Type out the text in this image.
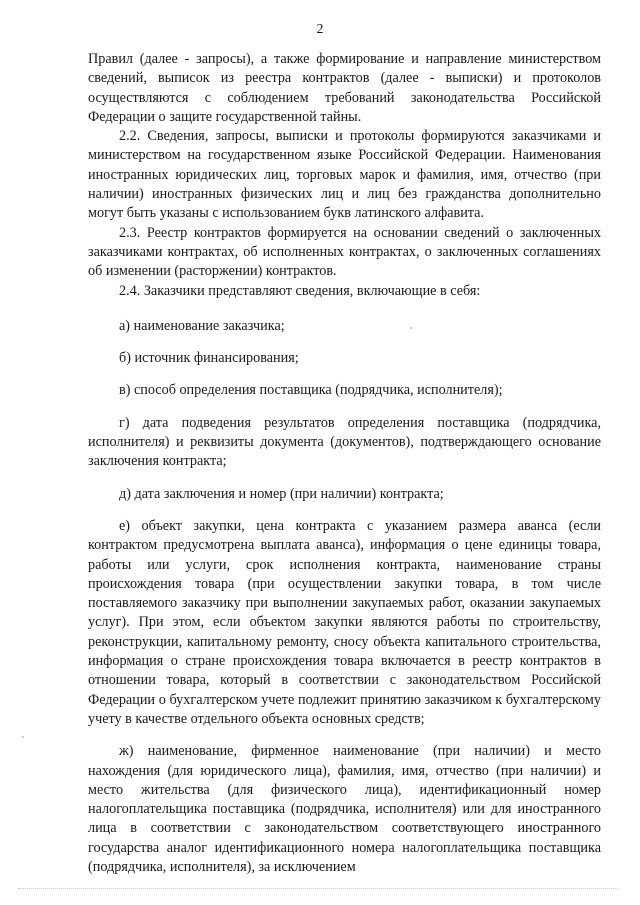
2

Правил (далее - запросы), а также формирование и направление министерством сведений, выписок из реестра контрактов (далее - выписки) и протоколов осуществляются с соблюдением требований законодательства Российской Федерации о защите государственной тайны.

2.2. Сведения, запросы, выписки и протоколы формируются заказчиками и министерством на государственном языке Российской Федерации. Наименования иностранных юридических лиц, торговых марок и фамилия, имя, отчество (при наличии) иностранных физических лиц и лиц без гражданства дополнительно могут быть указаны с использованием букв латинского алфавита.

2.3. Реестр контрактов формируется на основании сведений о заключенных заказчиками контрактах, об исполненных контрактах, о заключенных соглашениях об изменении (расторжении) контрактов.

2.4. Заказчики представляют сведения, включающие в себя:

а) наименование заказчика;

б) источник финансирования;

в) способ определения поставщика (подрядчика, исполнителя);

г) дата подведения результатов определения поставщика (подрядчика, исполнителя) и реквизиты документа (документов), подтверждающего основание заключения контракта;

д) дата заключения и номер (при наличии) контракта;

е) объект закупки, цена контракта с указанием размера аванса (если контрактом предусмотрена выплата аванса), информация о цене единицы товара, работы или услуги, срок исполнения контракта, наименование страны происхождения товара (при осуществлении закупки товара, в том числе поставляемого заказчику при выполнении закупаемых работ, оказании закупаемых услуг). При этом, если объектом закупки являются работы по строительству, реконструкции, капитальному ремонту, сносу объекта капитального строительства, информация о стране происхождения товара включается в реестр контрактов в отношении товара, который в соответствии с законодательством Российской Федерации о бухгалтерском учете подлежит принятию заказчиком к бухгалтерскому учету в качестве отдельного объекта основных средств;

ж) наименование, фирменное наименование (при наличии) и место нахождения (для юридического лица), фамилия, имя, отчество (при наличии) и место жительства (для физического лица), идентификационный номер налогоплательщика поставщика (подрядчика, исполнителя) или для иностранного лица в соответствии с законодательством соответствующего иностранного государства аналог идентификационного номера налогоплательщика поставщика (подрядчика, исполнителя), за исключением
